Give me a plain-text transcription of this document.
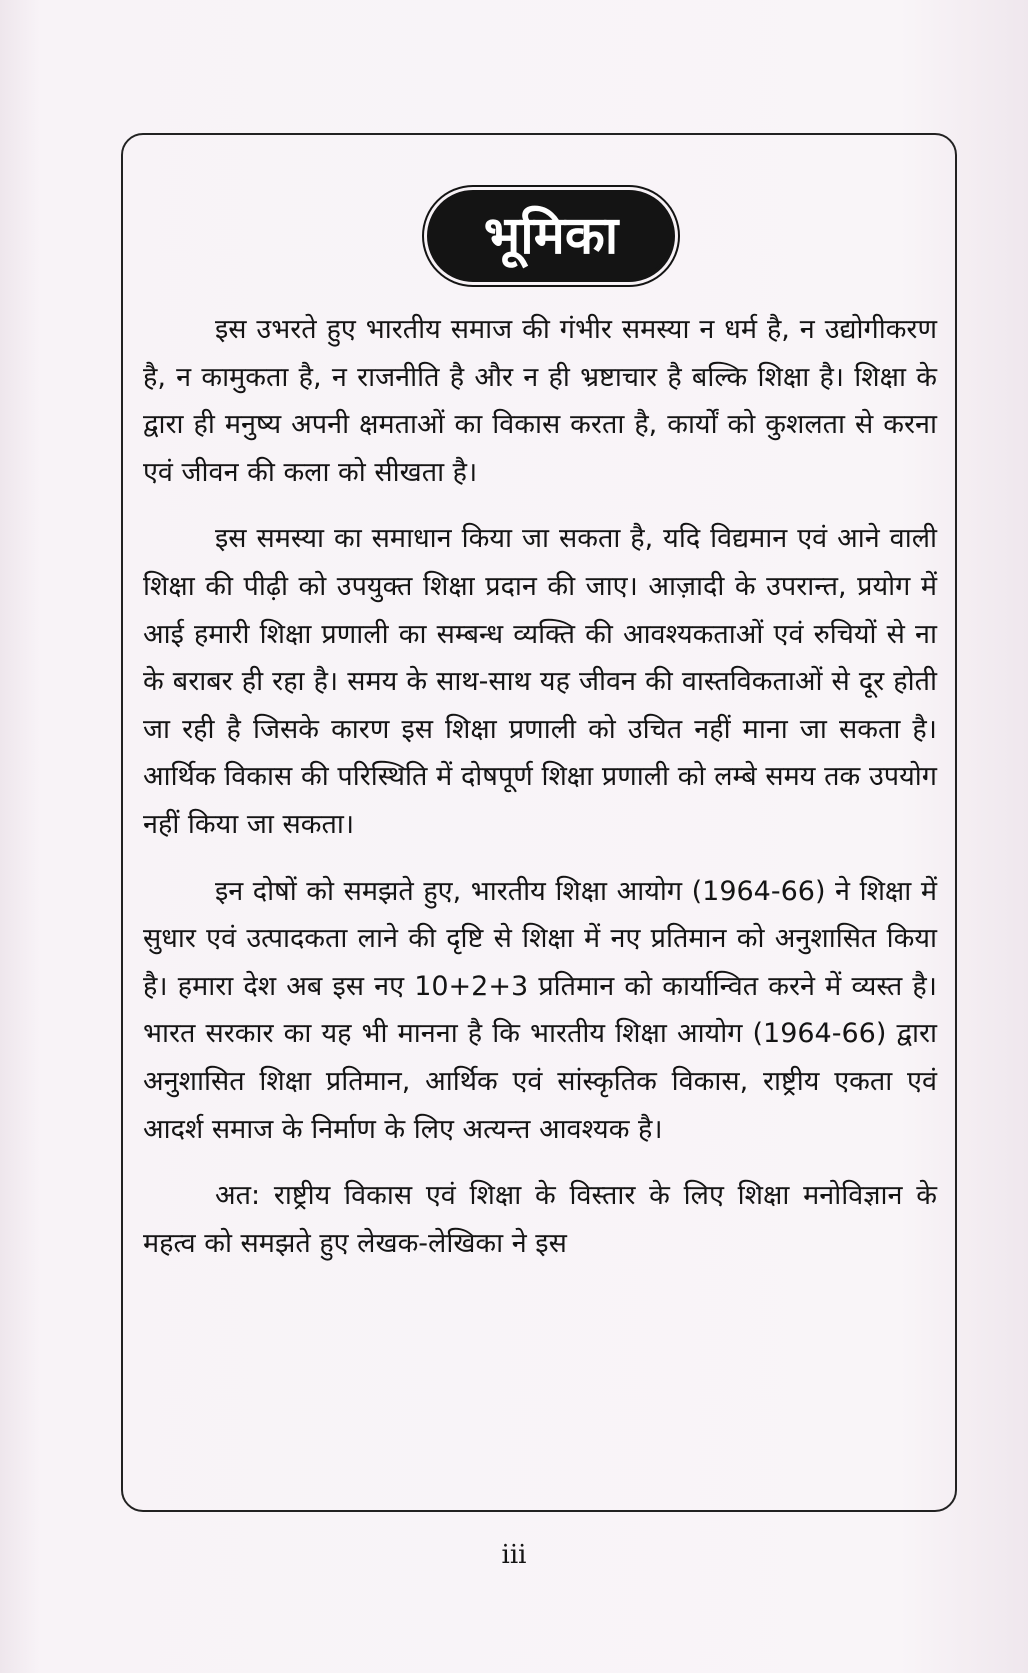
भूमिका

इस उभरते हुए भारतीय समाज की गंभीर समस्या न धर्म है, न उद्योगीकरण है, न कामुकता है, न राजनीति है और न ही भ्रष्टाचार है बल्कि शिक्षा है। शिक्षा के द्वारा ही मनुष्य अपनी क्षमताओं का विकास करता है, कार्यों को कुशलता से करना एवं जीवन की कला को सीखता है।

इस समस्या का समाधान किया जा सकता है, यदि विद्यमान एवं आने वाली शिक्षा की पीढ़ी को उपयुक्त शिक्षा प्रदान की जाए। आज़ादी के उपरान्त, प्रयोग में आई हमारी शिक्षा प्रणाली का सम्बन्ध व्यक्ति की आवश्यकताओं एवं रुचियों से ना के बराबर ही रहा है। समय के साथ-साथ यह जीवन की वास्तविकताओं से दूर होती जा रही है जिसके कारण इस शिक्षा प्रणाली को उचित नहीं माना जा सकता है। आर्थिक विकास की परिस्थिति में दोषपूर्ण शिक्षा प्रणाली को लम्बे समय तक उपयोग नहीं किया जा सकता।

इन दोषों को समझते हुए, भारतीय शिक्षा आयोग (1964-66) ने शिक्षा में सुधार एवं उत्पादकता लाने की दृष्टि से शिक्षा में नए प्रतिमान को अनुशासित किया है। हमारा देश अब इस नए 10+2+3 प्रतिमान को कार्यान्वित करने में व्यस्त है। भारत सरकार का यह भी मानना है कि भारतीय शिक्षा आयोग (1964-66) द्वारा अनुशासित शिक्षा प्रतिमान, आर्थिक एवं सांस्कृतिक विकास, राष्ट्रीय एकता एवं आदर्श समाज के निर्माण के लिए अत्यन्त आवश्यक है।

अत: राष्ट्रीय विकास एवं शिक्षा के विस्तार के लिए शिक्षा मनोविज्ञान के महत्व को समझते हुए लेखक-लेखिका ने इस

iii
